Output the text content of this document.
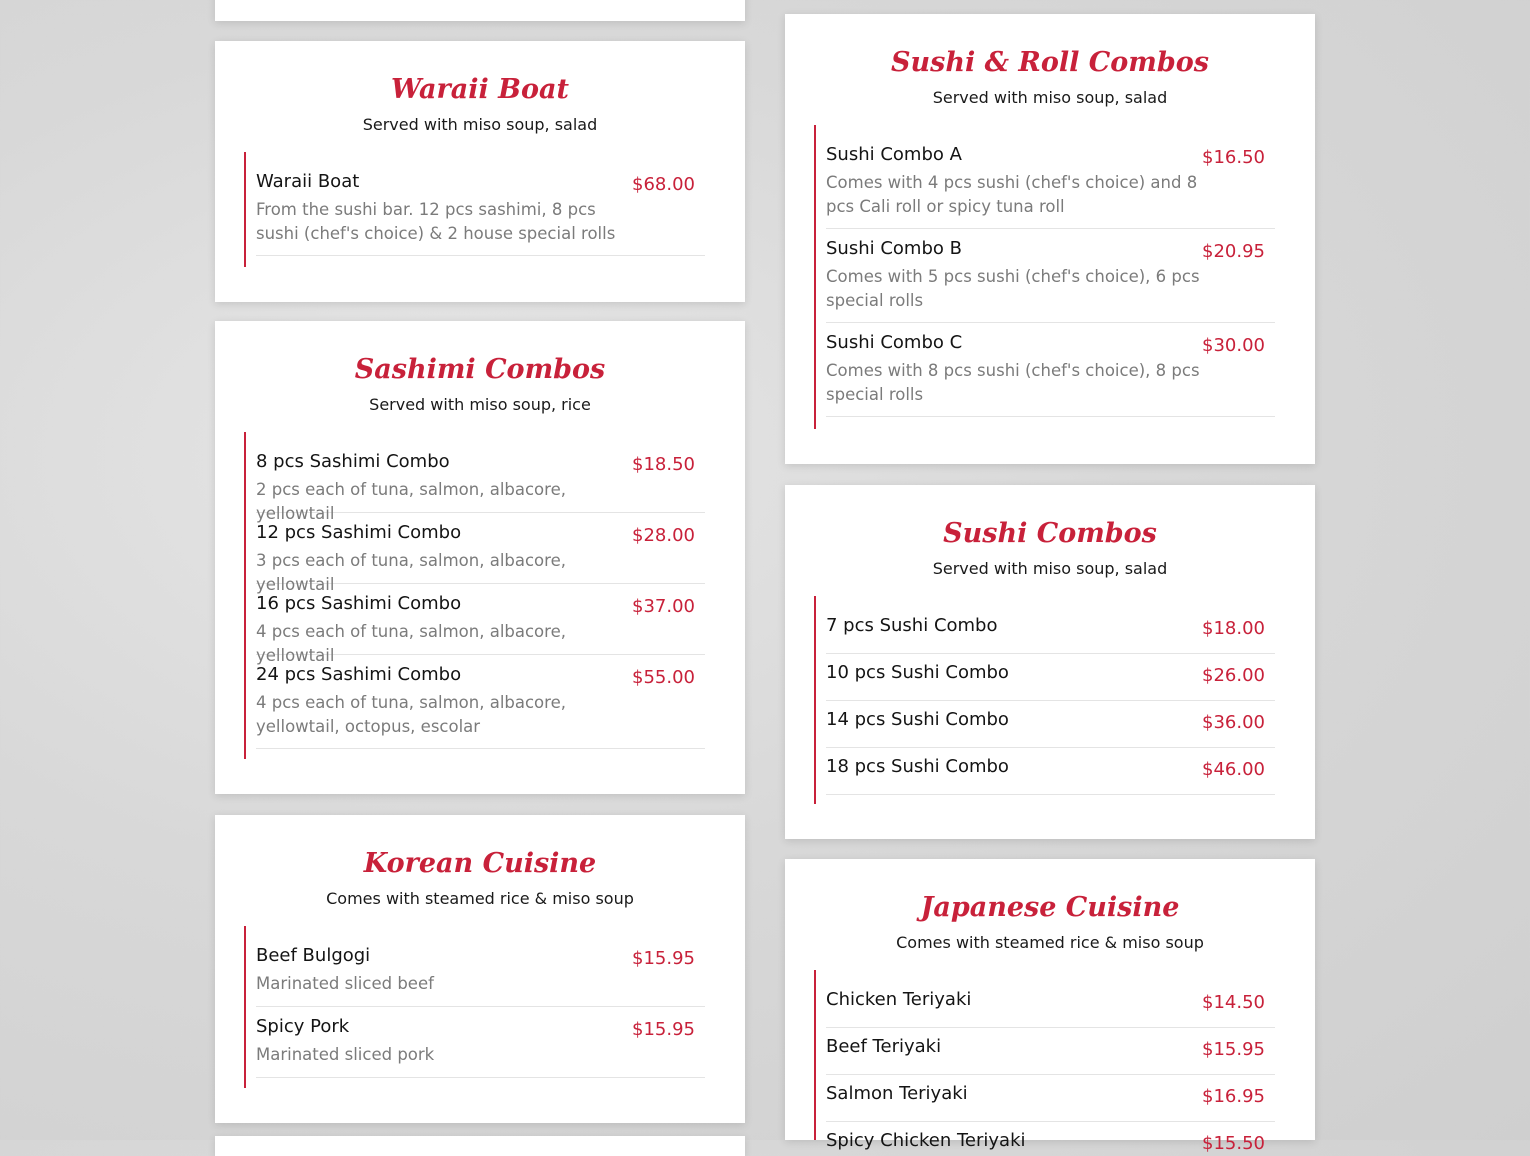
Waraii Boat
Served with miso soup, salad
Waraii Boat	$68.00
From the sushi bar. 12 pcs sashimi, 8 pcs sushi (chef's choice) & 2 house special rolls
Sashimi Combos
Served with miso soup, rice
8 pcs Sashimi Combo	$18.50
2 pcs each of tuna, salmon, albacore, yellowtail
12 pcs Sashimi Combo	$28.00
3 pcs each of tuna, salmon, albacore, yellowtail
16 pcs Sashimi Combo	$37.00
4 pcs each of tuna, salmon, albacore, yellowtail
24 pcs Sashimi Combo	$55.00
4 pcs each of tuna, salmon, albacore, yellowtail, octopus, escolar
Korean Cuisine
Comes with steamed rice & miso soup
Beef Bulgogi	$15.95
Marinated sliced beef
Spicy Pork	$15.95
Marinated sliced pork
Sushi & Roll Combos
Served with miso soup, salad
Sushi Combo A	$16.50
Comes with 4 pcs sushi (chef's choice) and 8 pcs Cali roll or spicy tuna roll
Sushi Combo B	$20.95
Comes with 5 pcs sushi (chef's choice), 6 pcs special rolls
Sushi Combo C	$30.00
Comes with 8 pcs sushi (chef's choice), 8 pcs special rolls
Sushi Combos
Served with miso soup, salad
7 pcs Sushi Combo	$18.00
10 pcs Sushi Combo	$26.00
14 pcs Sushi Combo	$36.00
18 pcs Sushi Combo	$46.00
Japanese Cuisine
Comes with steamed rice & miso soup
Chicken Teriyaki	$14.50
Beef Teriyaki	$15.95
Salmon Teriyaki	$16.95
Spicy Chicken Teriyaki	$15.50
